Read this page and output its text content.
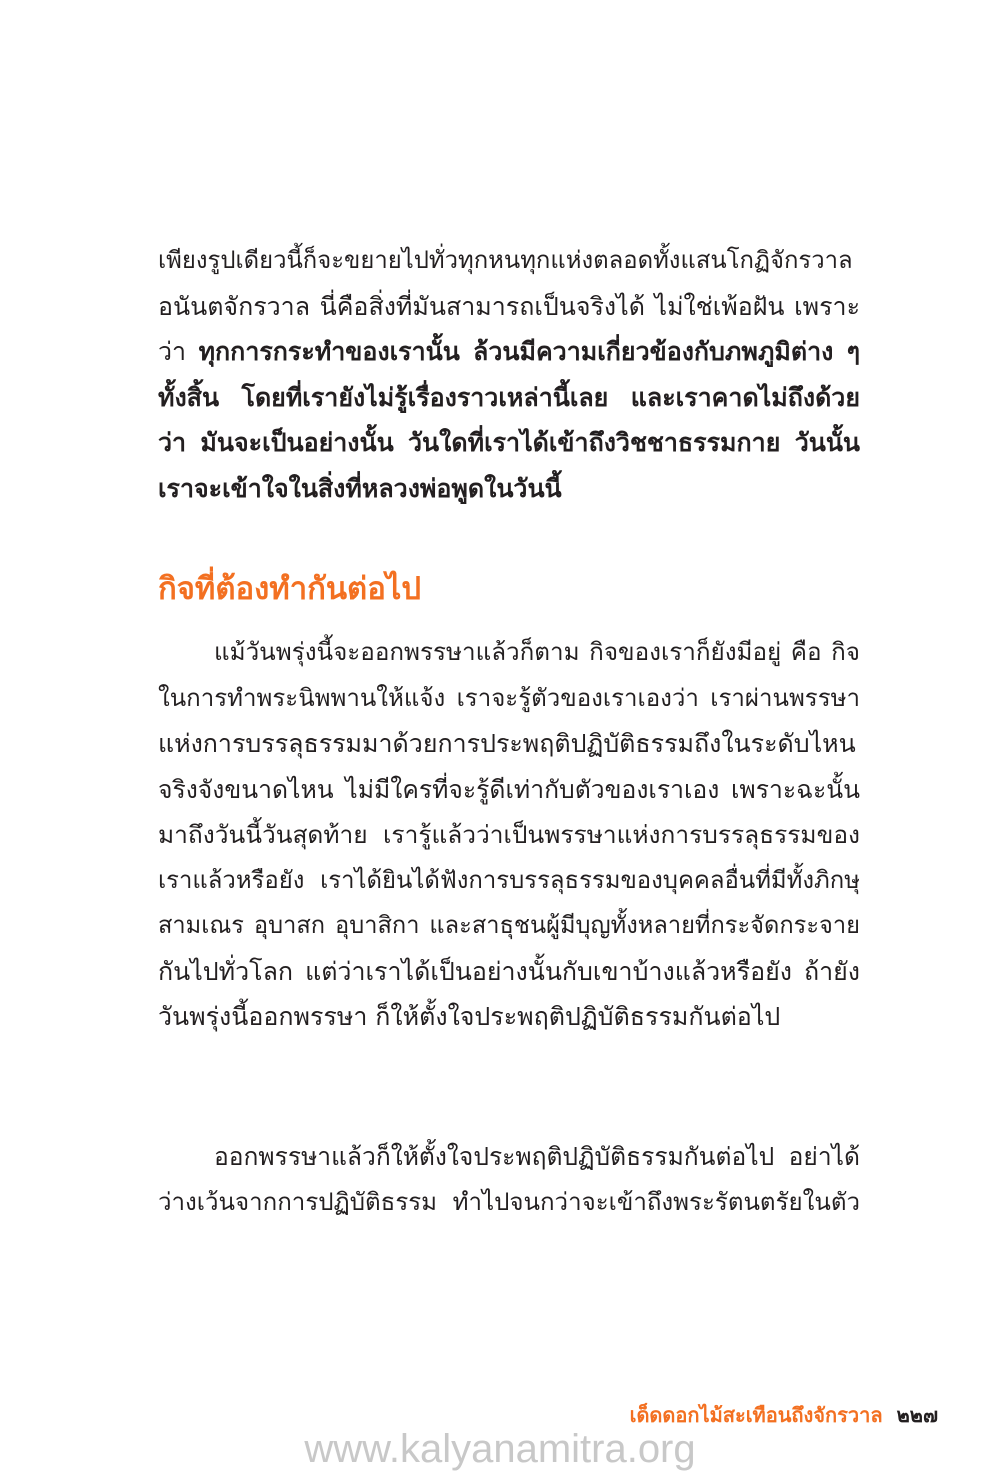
เพียงรูปเดียวนี้ก็จะขยายไปทั่วทุกหนทุกแห่งตลอดทั้งแสนโกฏิจักรวาล
อนันตจักรวาล นี่คือสิ่งที่มันสามารถเป็นจริงได้ ไม่ใช่เพ้อฝัน เพราะ
ว่า ทุกการกระทำของเรานั้น ล้วนมีความเกี่ยวข้องกับภพภูมิต่าง ๆ
ทั้งสิ้น โดยที่เรายังไม่รู้เรื่องราวเหล่านี้เลย และเราคาดไม่ถึงด้วย
ว่า มันจะเป็นอย่างนั้น วันใดที่เราได้เข้าถึงวิชชาธรรมกาย วันนั้น
เราจะเข้าใจในสิ่งที่หลวงพ่อพูดในวันนี้
กิจที่ต้องทำกันต่อไป
แม้วันพรุ่งนี้จะออกพรรษาแล้วก็ตาม กิจของเราก็ยังมีอยู่ คือ กิจ
ในการทำพระนิพพานให้แจ้ง เราจะรู้ตัวของเราเองว่า เราผ่านพรรษา
แห่งการบรรลุธรรมมาด้วยการประพฤติปฏิบัติธรรมถึงในระดับไหน
จริงจังขนาดไหน ไม่มีใครที่จะรู้ดีเท่ากับตัวของเราเอง เพราะฉะนั้น
มาถึงวันนี้วันสุดท้าย เรารู้แล้วว่าเป็นพรรษาแห่งการบรรลุธรรมของ
เราแล้วหรือยัง เราได้ยินได้ฟังการบรรลุธรรมของบุคคลอื่นที่มีทั้งภิกษุ
สามเณร อุบาสก อุบาสิกา และสาธุชนผู้มีบุญทั้งหลายที่กระจัดกระจาย
กันไปทั่วโลก แต่ว่าเราได้เป็นอย่างนั้นกับเขาบ้างแล้วหรือยัง ถ้ายัง
วันพรุ่งนี้ออกพรรษา ก็ให้ตั้งใจประพฤติปฏิบัติธรรมกันต่อไป
ออกพรรษาแล้วก็ให้ตั้งใจประพฤติปฏิบัติธรรมกันต่อไป อย่าได้
ว่างเว้นจากการปฏิบัติธรรม ทำไปจนกว่าจะเข้าถึงพระรัตนตรัยในตัว
เด็ดดอกไม้สะเทือนถึงจักรวาล ๒๒๗
www.kalyanamitra.org
